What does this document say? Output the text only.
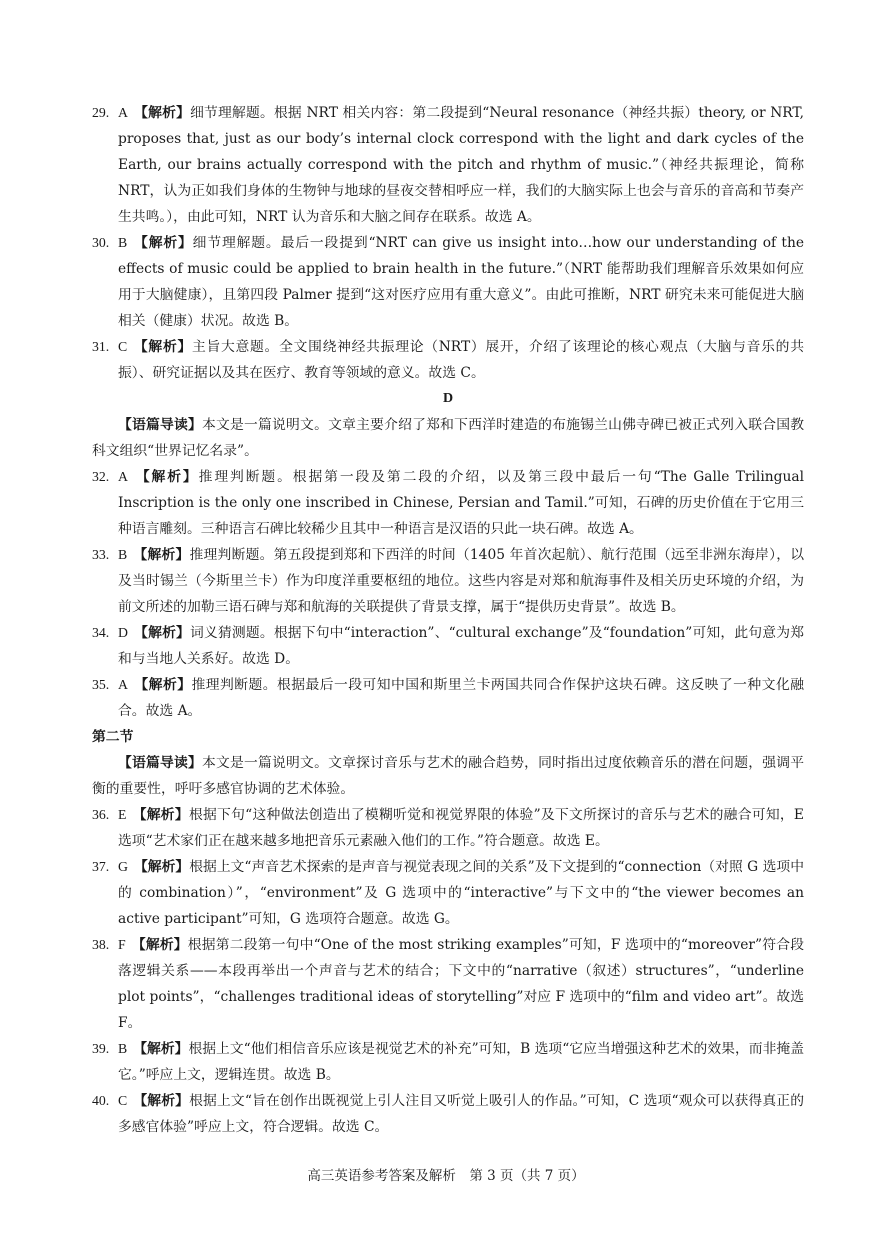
29. A 【解析】细节理解题。根据 NRT 相关内容：第二段提到“Neural resonance（神经共振）theory, or NRT, proposes that, just as our body’s internal clock correspond with the light and dark cycles of the Earth, our brains actually correspond with the pitch and rhythm of music.”（神经共振理论，简称 NRT，认为正如我们身体的生物钟与地球的昼夜交替相呼应一样，我们的大脑实际上也会与音乐的音高和节奏产生共鸣。），由此可知，NRT 认为音乐和大脑之间存在联系。故选 A。

30. B 【解析】细节理解题。最后一段提到“NRT can give us insight into…how our understanding of the effects of music could be applied to brain health in the future.”（NRT 能帮助我们理解音乐效果如何应用于大脑健康），且第四段 Palmer 提到“这对医疗应用有重大意义”。由此可推断，NRT 研究未来可能促进大脑相关（健康）状况。故选 B。

31. C 【解析】主旨大意题。全文围绕神经共振理论（NRT）展开，介绍了该理论的核心观点（大脑与音乐的共振）、研究证据以及其在医疗、教育等领域的意义。故选 C。

D

【语篇导读】本文是一篇说明文。文章主要介绍了郑和下西洋时建造的布施锡兰山佛寺碑已被正式列入联合国教科文组织“世界记忆名录”。

32. A 【解析】推理判断题。根据第一段及第二段的介绍，以及第三段中最后一句“The Galle Trilingual Inscription is the only one inscribed in Chinese, Persian and Tamil.”可知，石碑的历史价值在于它用三种语言雕刻。三种语言石碑比较稀少且其中一种语言是汉语的只此一块石碑。故选 A。

33. B 【解析】推理判断题。第五段提到郑和下西洋的时间（1405 年首次起航）、航行范围（远至非洲东海岸），以及当时锡兰（今斯里兰卡）作为印度洋重要枢纽的地位。这些内容是对郑和航海事件及相关历史环境的介绍，为前文所述的加勒三语石碑与郑和航海的关联提供了背景支撑，属于“提供历史背景”。故选 B。

34. D 【解析】词义猜测题。根据下句中“interaction”、“cultural exchange”及“foundation”可知，此句意为郑和与当地人关系好。故选 D。

35. A 【解析】推理判断题。根据最后一段可知中国和斯里兰卡两国共同合作保护这块石碑。这反映了一种文化融合。故选 A。

第二节

【语篇导读】本文是一篇说明文。文章探讨音乐与艺术的融合趋势，同时指出过度依赖音乐的潜在问题，强调平衡的重要性，呼吁多感官协调的艺术体验。

36. E 【解析】根据下句“这种做法创造出了模糊听觉和视觉界限的体验”及下文所探讨的音乐与艺术的融合可知，E 选项“艺术家们正在越来越多地把音乐元素融入他们的工作。”符合题意。故选 E。

37. G 【解析】根据上文“声音艺术探索的是声音与视觉表现之间的关系”及下文提到的“connection（对照 G 选项中的 combination）”，“environment”及 G 选项中的“interactive”与下文中的“the viewer becomes an active participant”可知，G 选项符合题意。故选 G。

38. F 【解析】根据第二段第一句中“One of the most striking examples”可知，F 选项中的“moreover”符合段落逻辑关系——本段再举出一个声音与艺术的结合；下文中的“narrative（叙述）structures”，“underline plot points”，“challenges traditional ideas of storytelling”对应 F 选项中的“film and video art”。故选 F。

39. B 【解析】根据上文“他们相信音乐应该是视觉艺术的补充”可知，B 选项“它应当增强这种艺术的效果，而非掩盖它。”呼应上文，逻辑连贯。故选 B。

40. C 【解析】根据上文“旨在创作出既视觉上引人注目又听觉上吸引人的作品。”可知，C 选项“观众可以获得真正的多感官体验”呼应上文，符合逻辑。故选 C。

高三英语参考答案及解析　第 3 页（共 7 页）
